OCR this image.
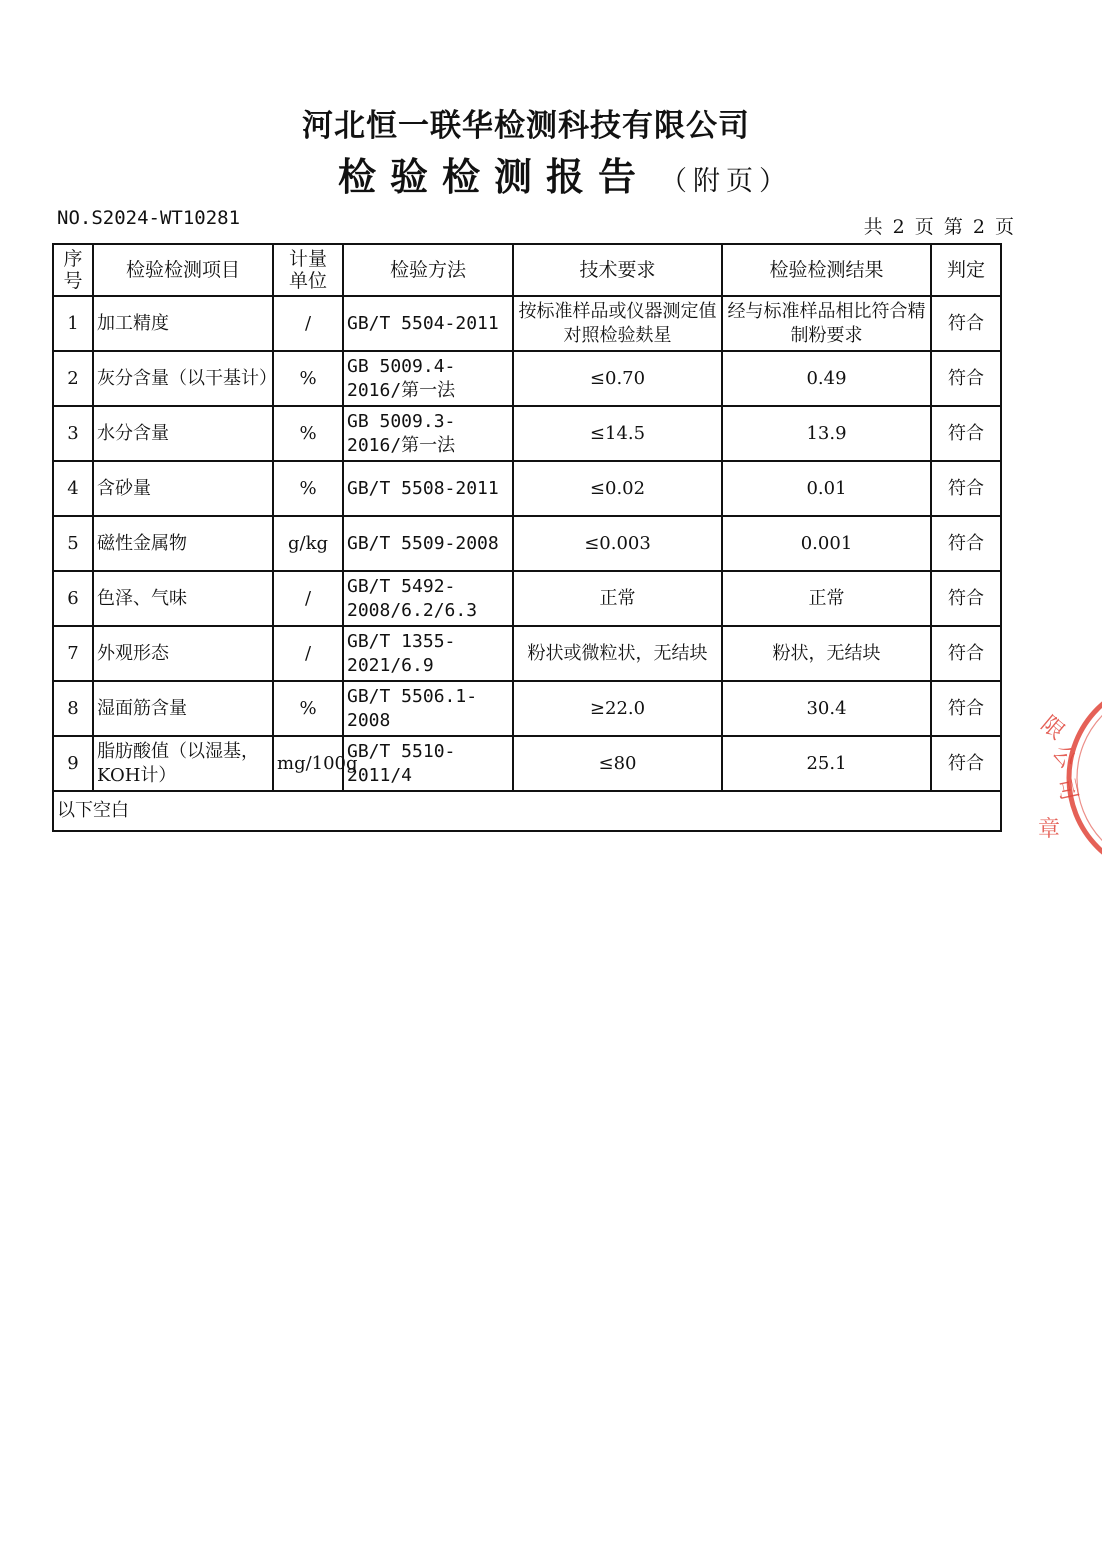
河北恒一联华检测科技有限公司
检验检测报告 （附页）
NO.S2024-WT10281	共 2 页 第 2 页
序号	检验检测项目	计量单位	检验方法	技术要求	检验检测结果	判定
1	加工精度	/	GB/T 5504-2011	按标准样品或仪器测定值对照检验麸星	经与标准样品相比符合精制粉要求	符合
2	灰分含量（以干基计）	%	GB 5009.4-2016/第一法	≤0.70	0.49	符合
3	水分含量	%	GB 5009.3-2016/第一法	≤14.5	13.9	符合
4	含砂量	%	GB/T 5508-2011	≤0.02	0.01	符合
5	磁性金属物	g/kg	GB/T 5509-2008	≤0.003	0.001	符合
6	色泽、气味	/	GB/T 5492-2008/6.2/6.3	正常	正常	符合
7	外观形态	/	GB/T 1355-2021/6.9	粉状或微粒状，无结块	粉状，无结块	符合
8	湿面筋含量	%	GB/T 5506.1-2008	≥22.0	30.4	符合
9	脂肪酸值（以湿基，KOH计）	mg/100g	GB/T 5510-2011/4	≤80	25.1	符合
以下空白						
限
公
司
章
